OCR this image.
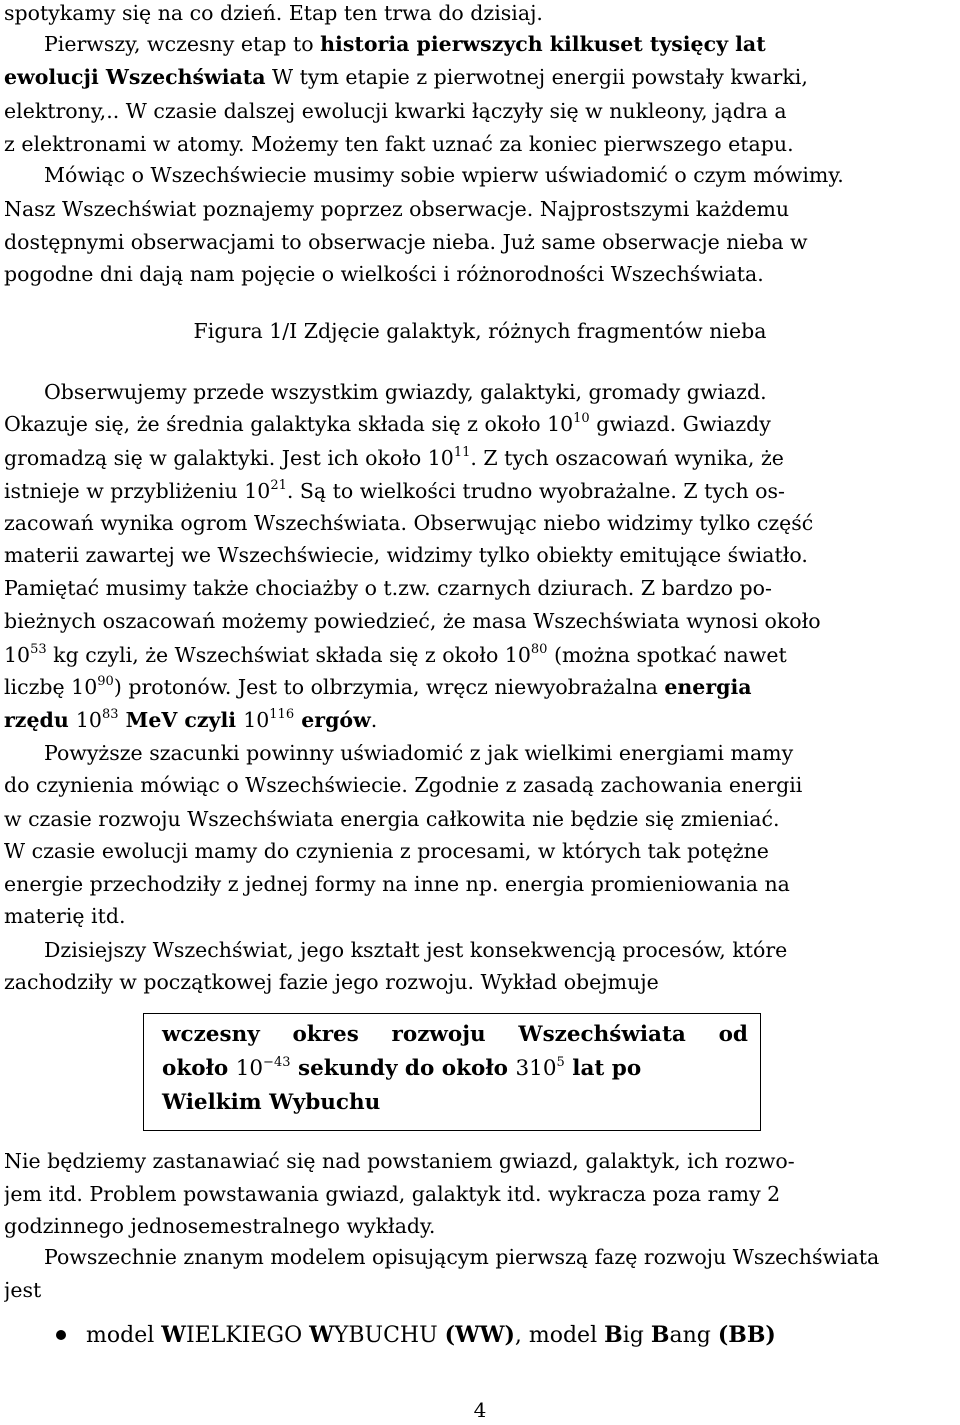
spotykamy się na co dzień. Etap ten trwa do dzisiaj.
Pierwszy, wczesny etap to historia pierwszych kilkuset tysięcy lat
ewolucji Wszechświata W tym etapie z pierwotnej energii powstały kwarki,
elektrony,.. W czasie dalszej ewolucji kwarki łączyły się w nukleony, jądra a
z elektronami w atomy. Możemy ten fakt uznać za koniec pierwszego etapu.
Mówiąc o Wszechświecie musimy sobie wpierw uświadomić o czym mówimy.
Nasz Wszechświat poznajemy poprzez obserwacje. Najprostszymi każdemu
dostępnymi obserwacjami to obserwacje nieba. Już same obserwacje nieba w
pogodne dni dają nam pojęcie o wielkości i różnorodności Wszechświata.
Figura 1/I Zdjęcie galaktyk, różnych fragmentów nieba
Obserwujemy przede wszystkim gwiazdy, galaktyki, gromady gwiazd.
Okazuje się, że średnia galaktyka składa się z około $10^{10}$ gwiazd. Gwiazdy
gromadzą się w galaktyki. Jest ich około $10^{11}$. Z tych oszacowań wynika, że
istnieje w przybliżeniu $10^{21}$. Są to wielkości trudno wyobrażalne. Z tych os-
zacowań wynika ogrom Wszechświata. Obserwując niebo widzimy tylko część
materii zawartej we Wszechświecie, widzimy tylko obiekty emitujące światło.
Pamiętać musimy także chociażby o t.zw. czarnych dziurach. Z bardzo po-
bieżnych oszacowań możemy powiedzieć, że masa Wszechświata wynosi około
$10^{53}$ kg czyli, że Wszechświat składa się z około $10^{80}$ (można spotkać nawet
liczbę $10^{90}$) protonów. Jest to olbrzymia, wręcz niewyobrażalna energia
rzędu $10^{83}$ MeV czyli $10^{116}$ ergów.
Powyższe szacunki powinny uświadomić z jak wielkimi energiami mamy
do czynienia mówiąc o Wszechświecie. Zgodnie z zasadą zachowania energii
w czasie rozwoju Wszechświata energia całkowita nie będzie się zmieniać.
W czasie ewolucji mamy do czynienia z procesami, w których tak potężne
energie przechodziły z jednej formy na inne np. energia promieniowania na
materię itd.
Dzisiejszy Wszechświat, jego kształt jest konsekwencją procesów, które
zachodziły w początkowej fazie jego rozwoju. Wykład obejmuje
wczesny okres rozwoju Wszechświata od
około $10^{-43}$ sekundy do około $310^5$ lat po
Wielkim Wybuchu
Nie będziemy zastanawiać się nad powstaniem gwiazd, galaktyk, ich rozwo-
jem itd. Problem powstawania gwiazd, galaktyk itd. wykracza poza ramy 2
godzinnego jednosemestralnego wykłady.
Powszechnie znanym modelem opisującym pierwszą fazę rozwoju Wszechświata
jest
model WIELKIEGO WYBUCHU (WW), model Big Bang (BB)
4
